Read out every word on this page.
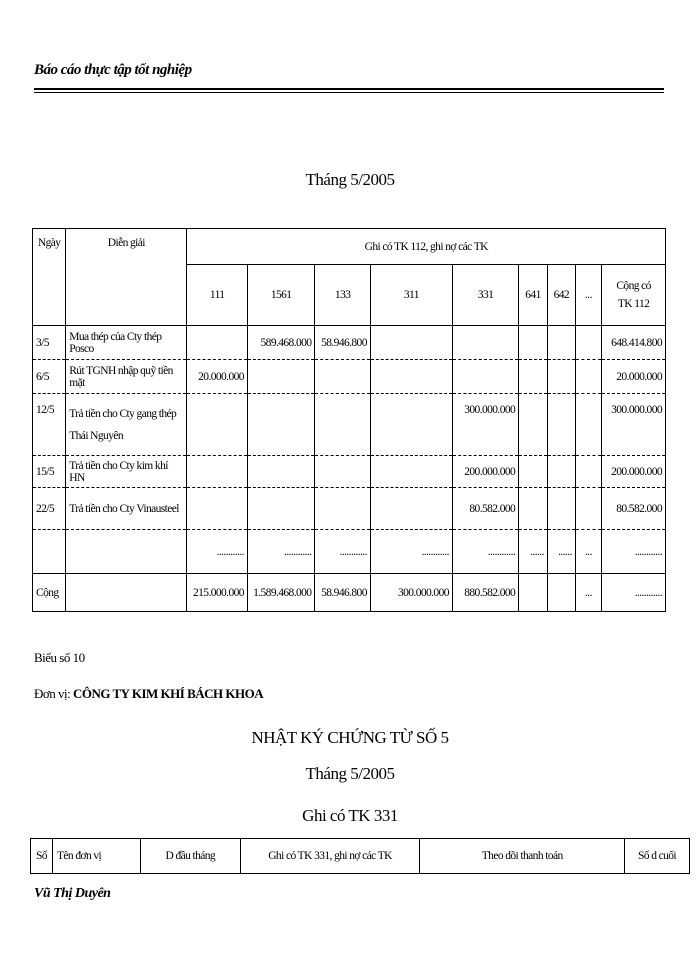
Báo cáo thực tập tốt nghiệp
Tháng 5/2005
Ngày	Diễn giải	Ghi có TK 112, ghi nợ các TK								
		111	1561	133	311	331	641	642	...	Cộng có
TK 112
3/5	Mua thép của Cty thép Posco		589.468.000	58.946.800						648.414.800
6/5	Rút TGNH nhập quỹ tiền mặt	20.000.000								20.000.000
12/5	Trả tiền cho Cty gang thép Thái Nguyên					300.000.000				300.000.000
15/5	Trả tiền cho Cty kim khí HN					200.000.000				200.000.000
22/5	Trả tiền cho Cty Vinausteel					80.582.000				80.582.000
		............	............	............	............	............	......	......	...	............
Cộng		215.000.000	1.589.468.000	58.946.800	300.000.000	880.582.000			...	............
Biểu số 10
Đơn vị: CÔNG TY KIM KHÍ BÁCH KHOA
NHẬT KÝ CHỨNG TỪ SỐ 5
Tháng 5/2005
Ghi có TK 331
Số	Tên đơn vị	D đầu tháng	Ghi có TK 331, ghi nợ các TK	Theo dõi thanh toán	Số d cuối
Vũ Thị Duyên
